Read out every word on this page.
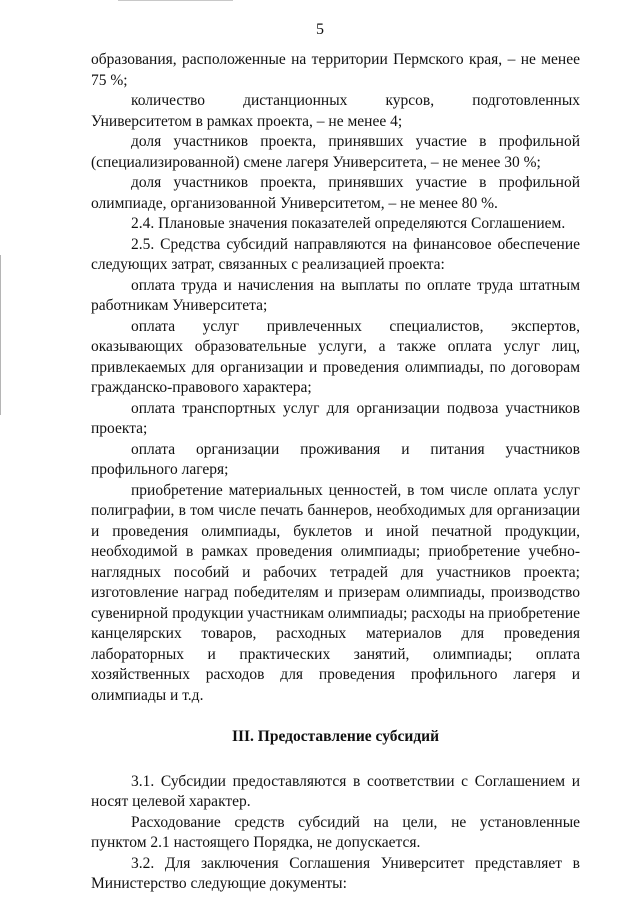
5

образования, расположенные на территории Пермского края, – не менее 75 %;

количество дистанционных курсов, подготовленных Университетом в рамках проекта, – не менее 4;

доля участников проекта, принявших участие в профильной (специализированной) смене лагеря Университета, – не менее 30 %;

доля участников проекта, принявших участие в профильной олимпиаде, организованной Университетом, – не менее 80 %.

2.4. Плановые значения показателей определяются Соглашением.

2.5. Средства субсидий направляются на финансовое обеспечение следующих затрат, связанных с реализацией проекта:

оплата труда и начисления на выплаты по оплате труда штатным работникам Университета;

оплата услуг привлеченных специалистов, экспертов, оказывающих образовательные услуги, а также оплата услуг лиц, привлекаемых для организации и проведения олимпиады, по договорам гражданско-правового характера;

оплата транспортных услуг для организации подвоза участников проекта;

оплата организации проживания и питания участников профильного лагеря;

приобретение материальных ценностей, в том числе оплата услуг полиграфии, в том числе печать баннеров, необходимых для организации и проведения олимпиады, буклетов и иной печатной продукции, необходимой в рамках проведения олимпиады; приобретение учебно-наглядных пособий и рабочих тетрадей для участников проекта; изготовление наград победителям и призерам олимпиады, производство сувенирной продукции участникам олимпиады; расходы на приобретение канцелярских товаров, расходных материалов для проведения лабораторных и практических занятий, олимпиады; оплата хозяйственных расходов для проведения профильного лагеря и олимпиады и т.д.

III. Предоставление субсидий

3.1. Субсидии предоставляются в соответствии с Соглашением и носят целевой характер.

Расходование средств субсидий на цели, не установленные пунктом 2.1 настоящего Порядка, не допускается.

3.2. Для заключения Соглашения Университет представляет в Министерство следующие документы:
